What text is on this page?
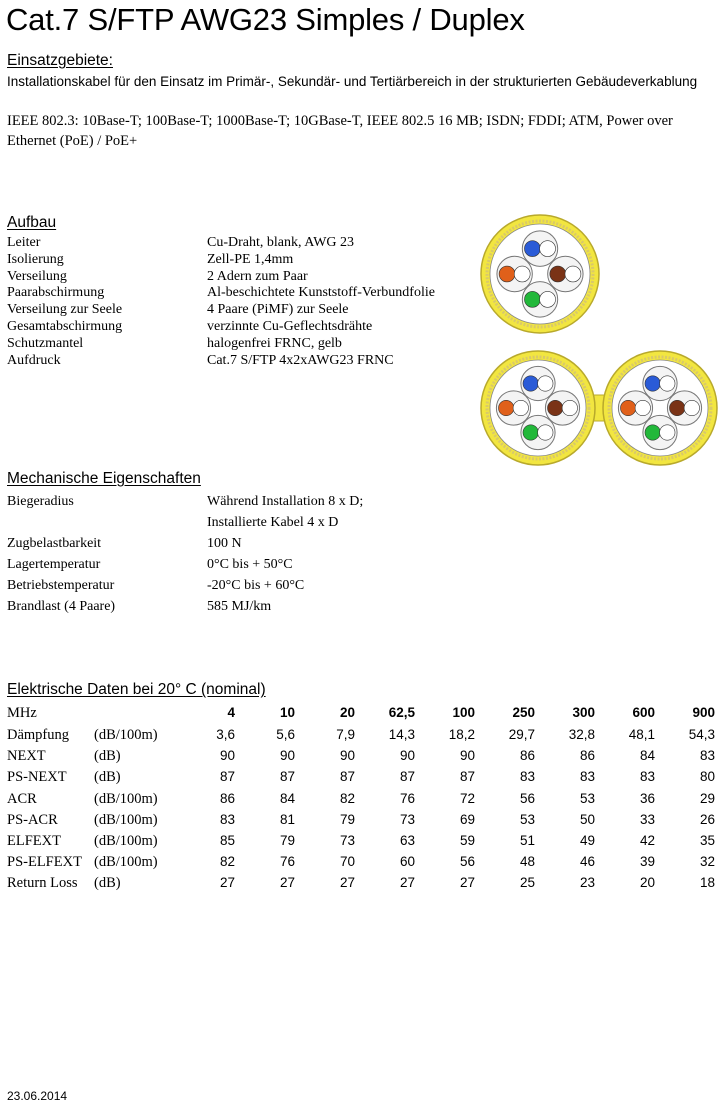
Cat.7 S/FTP AWG23 Simples / Duplex
Einsatzgebiete:

Installationskabel für den Einsatz im Primär-, Sekundär- und Tertiärbereich in der strukturierten Gebäudeverkablung

IEEE 802.3: 10Base-T; 100Base-T; 1000Base-T; 10GBase-T, IEEE 802.5 16 MB; ISDN; FDDI; ATM, Power over Ethernet (PoE) / PoE+
Aufbau
Leiter	Cu-Draht, blank, AWG 23
Isolierung	Zell-PE 1,4mm
Verseilung	2 Adern zum Paar
Paarabschirmung	Al-beschichtete Kunststoff-Verbundfolie
Verseilung zur Seele	4 Paare (PiMF) zur Seele
Gesamtabschirmung	verzinnte Cu-Geflechtsdrähte
Schutzmantel	halogenfrei FRNC, gelb
Aufdruck	Cat.7 S/FTP 4x2xAWG23 FRNC
Mechanische Eigenschaften
Biegeradius	Während Installation 8 x D;
Installierte Kabel 4 x D
Zugbelastbarkeit	100 N
Lagertemperatur	0°C bis + 50°C
Betriebstemperatur	-20°C bis + 60°C
Brandlast (4 Paare)	585 MJ/km
Elektrische Daten bei 20° C (nominal)
MHz	4	10	20	62,5	100	250	300	600	900
Dämpfung (dB/100m)	3,6	5,6	7,9	14,3	18,2	29,7	32,8	48,1	54,3
NEXT	(dB)	90	90	90	90	90	86	86	84	83
PS-NEXT (dB)	87	87	87	87	87	83	83	83	80
ACR	(dB/100m)	86	84	82	76	72	56	53	36	29
PS-ACR (dB/100m)	83	81	79	73	69	53	50	33	26
ELFEXT (dB/100m)	85	79	73	63	59	51	49	42	35
PS-ELFEXT (dB/100m)	82	76	70	60	56	48	46	39	32
Return Loss (dB)	27	27	27	27	27	25	23	20	18
23.06.2014
